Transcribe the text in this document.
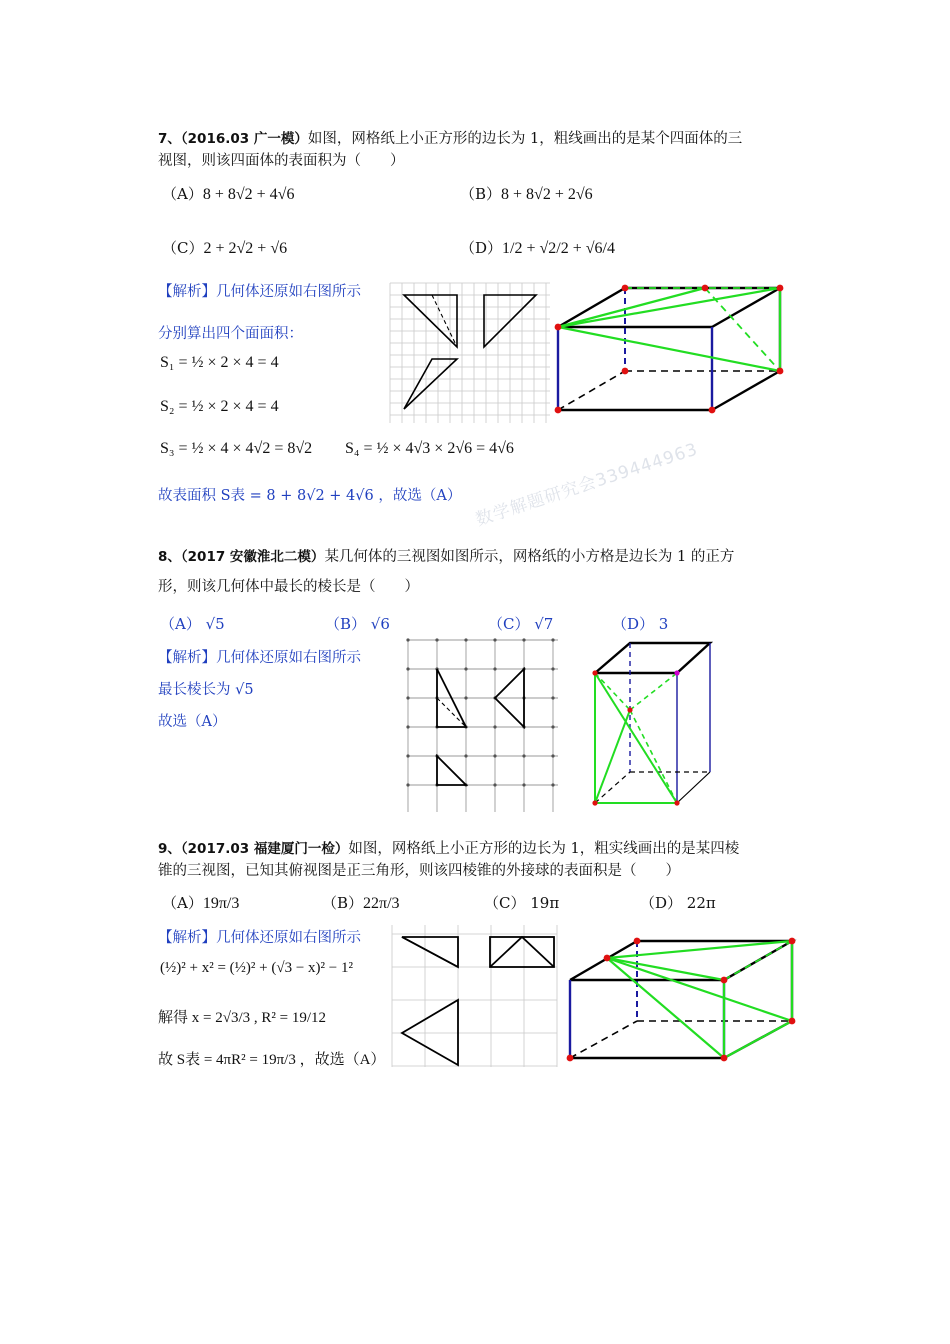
7、（2016.03 广一模）如图，网格纸上小正方形的边长为 1，粗线画出的是某个四面体的三
视图，则该四面体的表面积为（　　）
（A）8 + 8√2 + 4√6	（B）8 + 8√2 + 2√6
（C）2 + 2√2 + √6	（D）1/2 + √2/2 + √6/4
【解析】几何体还原如右图所示
分别算出四个面面积：
S₁ = ½ × 2 × 4 = 4
S₂ = ½ × 2 × 4 = 4
S₃ = ½ × 4 × 4√2 = 8√2 S₄ = ½ × 4√3 × 2√6 = 4√6
故表面积 S表 = 8 + 8√2 + 4√6 ，故选（A） 数学解题研究会339444963
8、（2017 安徽淮北二模）某几何体的三视图如图所示，网格纸的小方格是边长为 1 的正方
形，则该几何体中最长的棱长是（　　）
（A） √5	（B） √6	（C） √7	（D） 3
【解析】几何体还原如右图所示
最长棱长为 √5
故选（A）
9、（2017.03 福建厦门一检）如图，网格纸上小正方形的边长为 1，粗实线画出的是某四棱
锥的三视图，已知其俯视图是正三角形，则该四棱锥的外接球的表面积是（　　）
（A）19π/3	（B）22π/3	（C） 19π	（D） 22π
【解析】几何体还原如右图所示
(½)² + x² = (½)² + (√3 − x)² − 1²
解得 x = 2√3/3 , R² = 19/12
故 S表 = 4πR² = 19π/3 ，故选（A）
